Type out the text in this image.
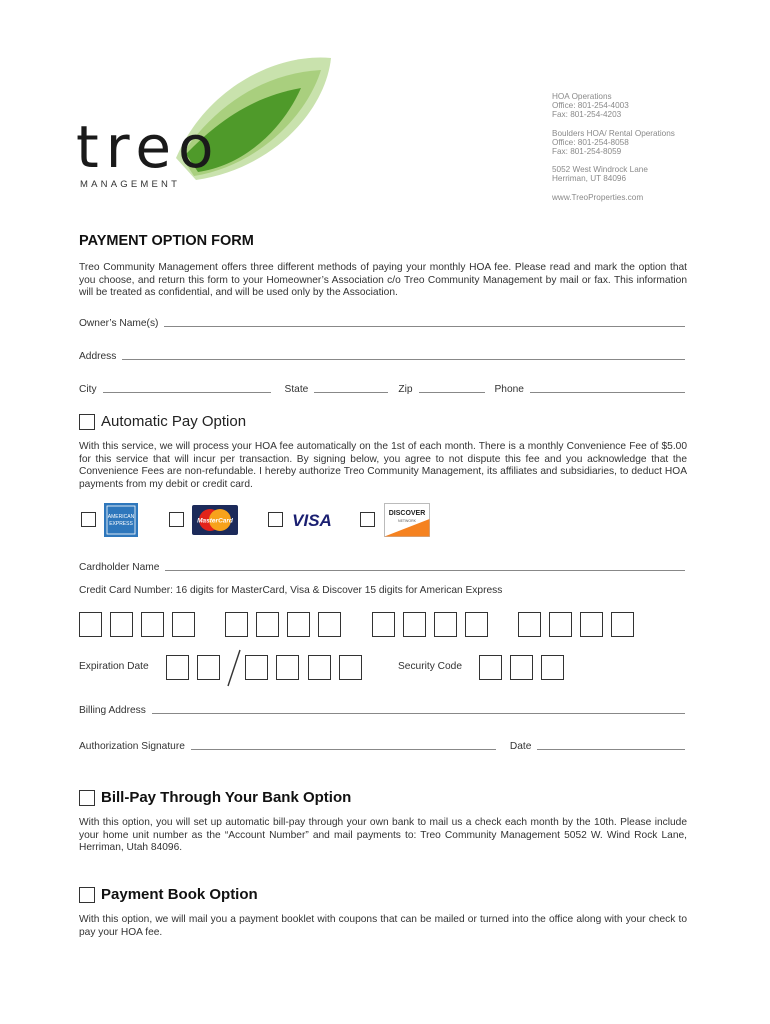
treo
MANAGEMENT
HOA Operations
Office: 801-254-4003
Fax: 801-254-4203
Boulders HOA/ Rental Operations
Office: 801-254-8058
Fax: 801-254-8059
5052 West Windrock Lane
Herriman, UT 84096
www.TreoProperties.com
PAYMENT OPTION FORM
Treo Community Management offers three different methods of paying your monthly HOA fee. Please read and mark the option that you choose, and return this form to your Homeowner’s Association c/o Treo Community Management by mail or fax. This information will be treated as confidential, and will be used only by the Association.
Owner’s Name(s)
Address
City	State	Zip	Phone
Automatic Pay Option
With this service, we will process your HOA fee automatically on the 1st of each month. There is a monthly Convenience Fee of $5.00 for this service that will incur per transaction. By signing below, you agree to not dispute this fee and you acknowledge that the Convenience Fees are non-refundable. I hereby authorize Treo Community Management, its affiliates and subsidiaries, to deduct HOA payments from my debit or credit card.
AMERICAN
EXPRESS	MasterCard	VISA	DISCOVER
NETWORK
Cardholder Name
Credit Card Number: 16 digits for MasterCard, Visa & Discover 15 digits for American Express
Expiration Date	Security Code
Billing Address
Authorization Signature	Date
Bill-Pay Through Your Bank Option
With this option, you will set up automatic bill-pay through your own bank to mail us a check each month by the 10th. Please include your home unit number as the “Account Number” and mail payments to: Treo Community Management 5052 W. Wind Rock Lane, Herriman, Utah 84096.
Payment Book Option
With this option, we will mail you a payment booklet with coupons that can be mailed or turned into the office along with your check to pay your HOA fee.
